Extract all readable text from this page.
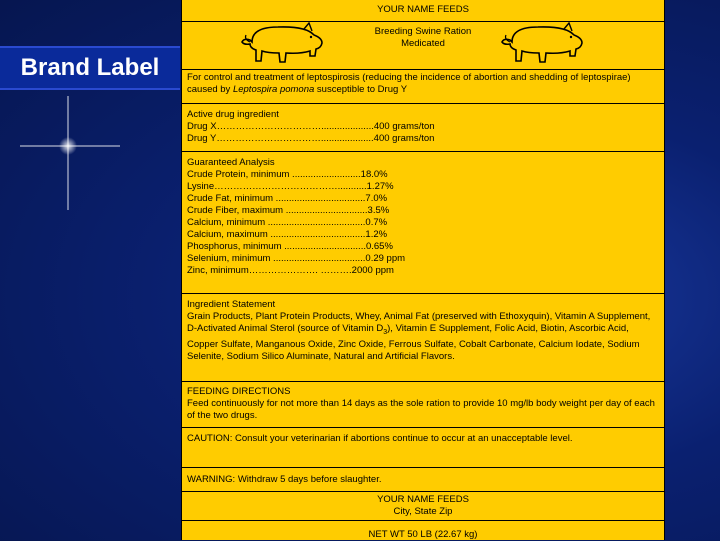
Brand Label
YOUR NAME FEEDS
Breeding Swine Ration
Medicated
For control and treatment of leptospirosis (reducing the incidence of abortion and shedding of leptospirae) caused by Leptospira pomona susceptible to Drug Y
Active drug ingredient
Drug X……………………………....................400 grams/ton
Drug Y……………………………....................400 grams/ton
Guaranteed Analysis
Crude Protein, minimum ..........................18.0%
Lysine…………………………………...........1.27%
Crude Fat, minimum ..................................7.0%
Crude Fiber, maximum ...............................3.5%
Calcium, minimum .....................................0.7%
Calcium, maximum ....................................1.2%
Phosphorus, minimum ...............................0.65%
Selenium, minimum ...................................0.29 ppm
Zinc, minimum…………………. ……….2000 ppm
Ingredient Statement
Grain Products, Plant Protein Products, Whey, Animal Fat (preserved with Ethoxyquin), Vitamin A Supplement, D-Activated Animal Sterol (source of Vitamin $D_3$), Vitamin E Supplement, Folic Acid, Biotin, Ascorbic Acid, Copper Sulfate, Manganous Oxide, Zinc Oxide, Ferrous Sulfate, Cobalt Carbonate, Calcium Iodate, Sodium Selenite, Sodium Silico Aluminate, Natural and Artificial Flavors.
FEEDING DIRECTIONS
Feed continuously for not more than 14 days as the sole ration to provide 10 mg/lb body weight per day of each of the two drugs.
CAUTION: Consult your veterinarian if abortions continue to occur at an unacceptable level.
WARNING: Withdraw 5 days before slaughter.
YOUR NAME FEEDS
City, State Zip
NET WT 50 LB (22.67 kg)
